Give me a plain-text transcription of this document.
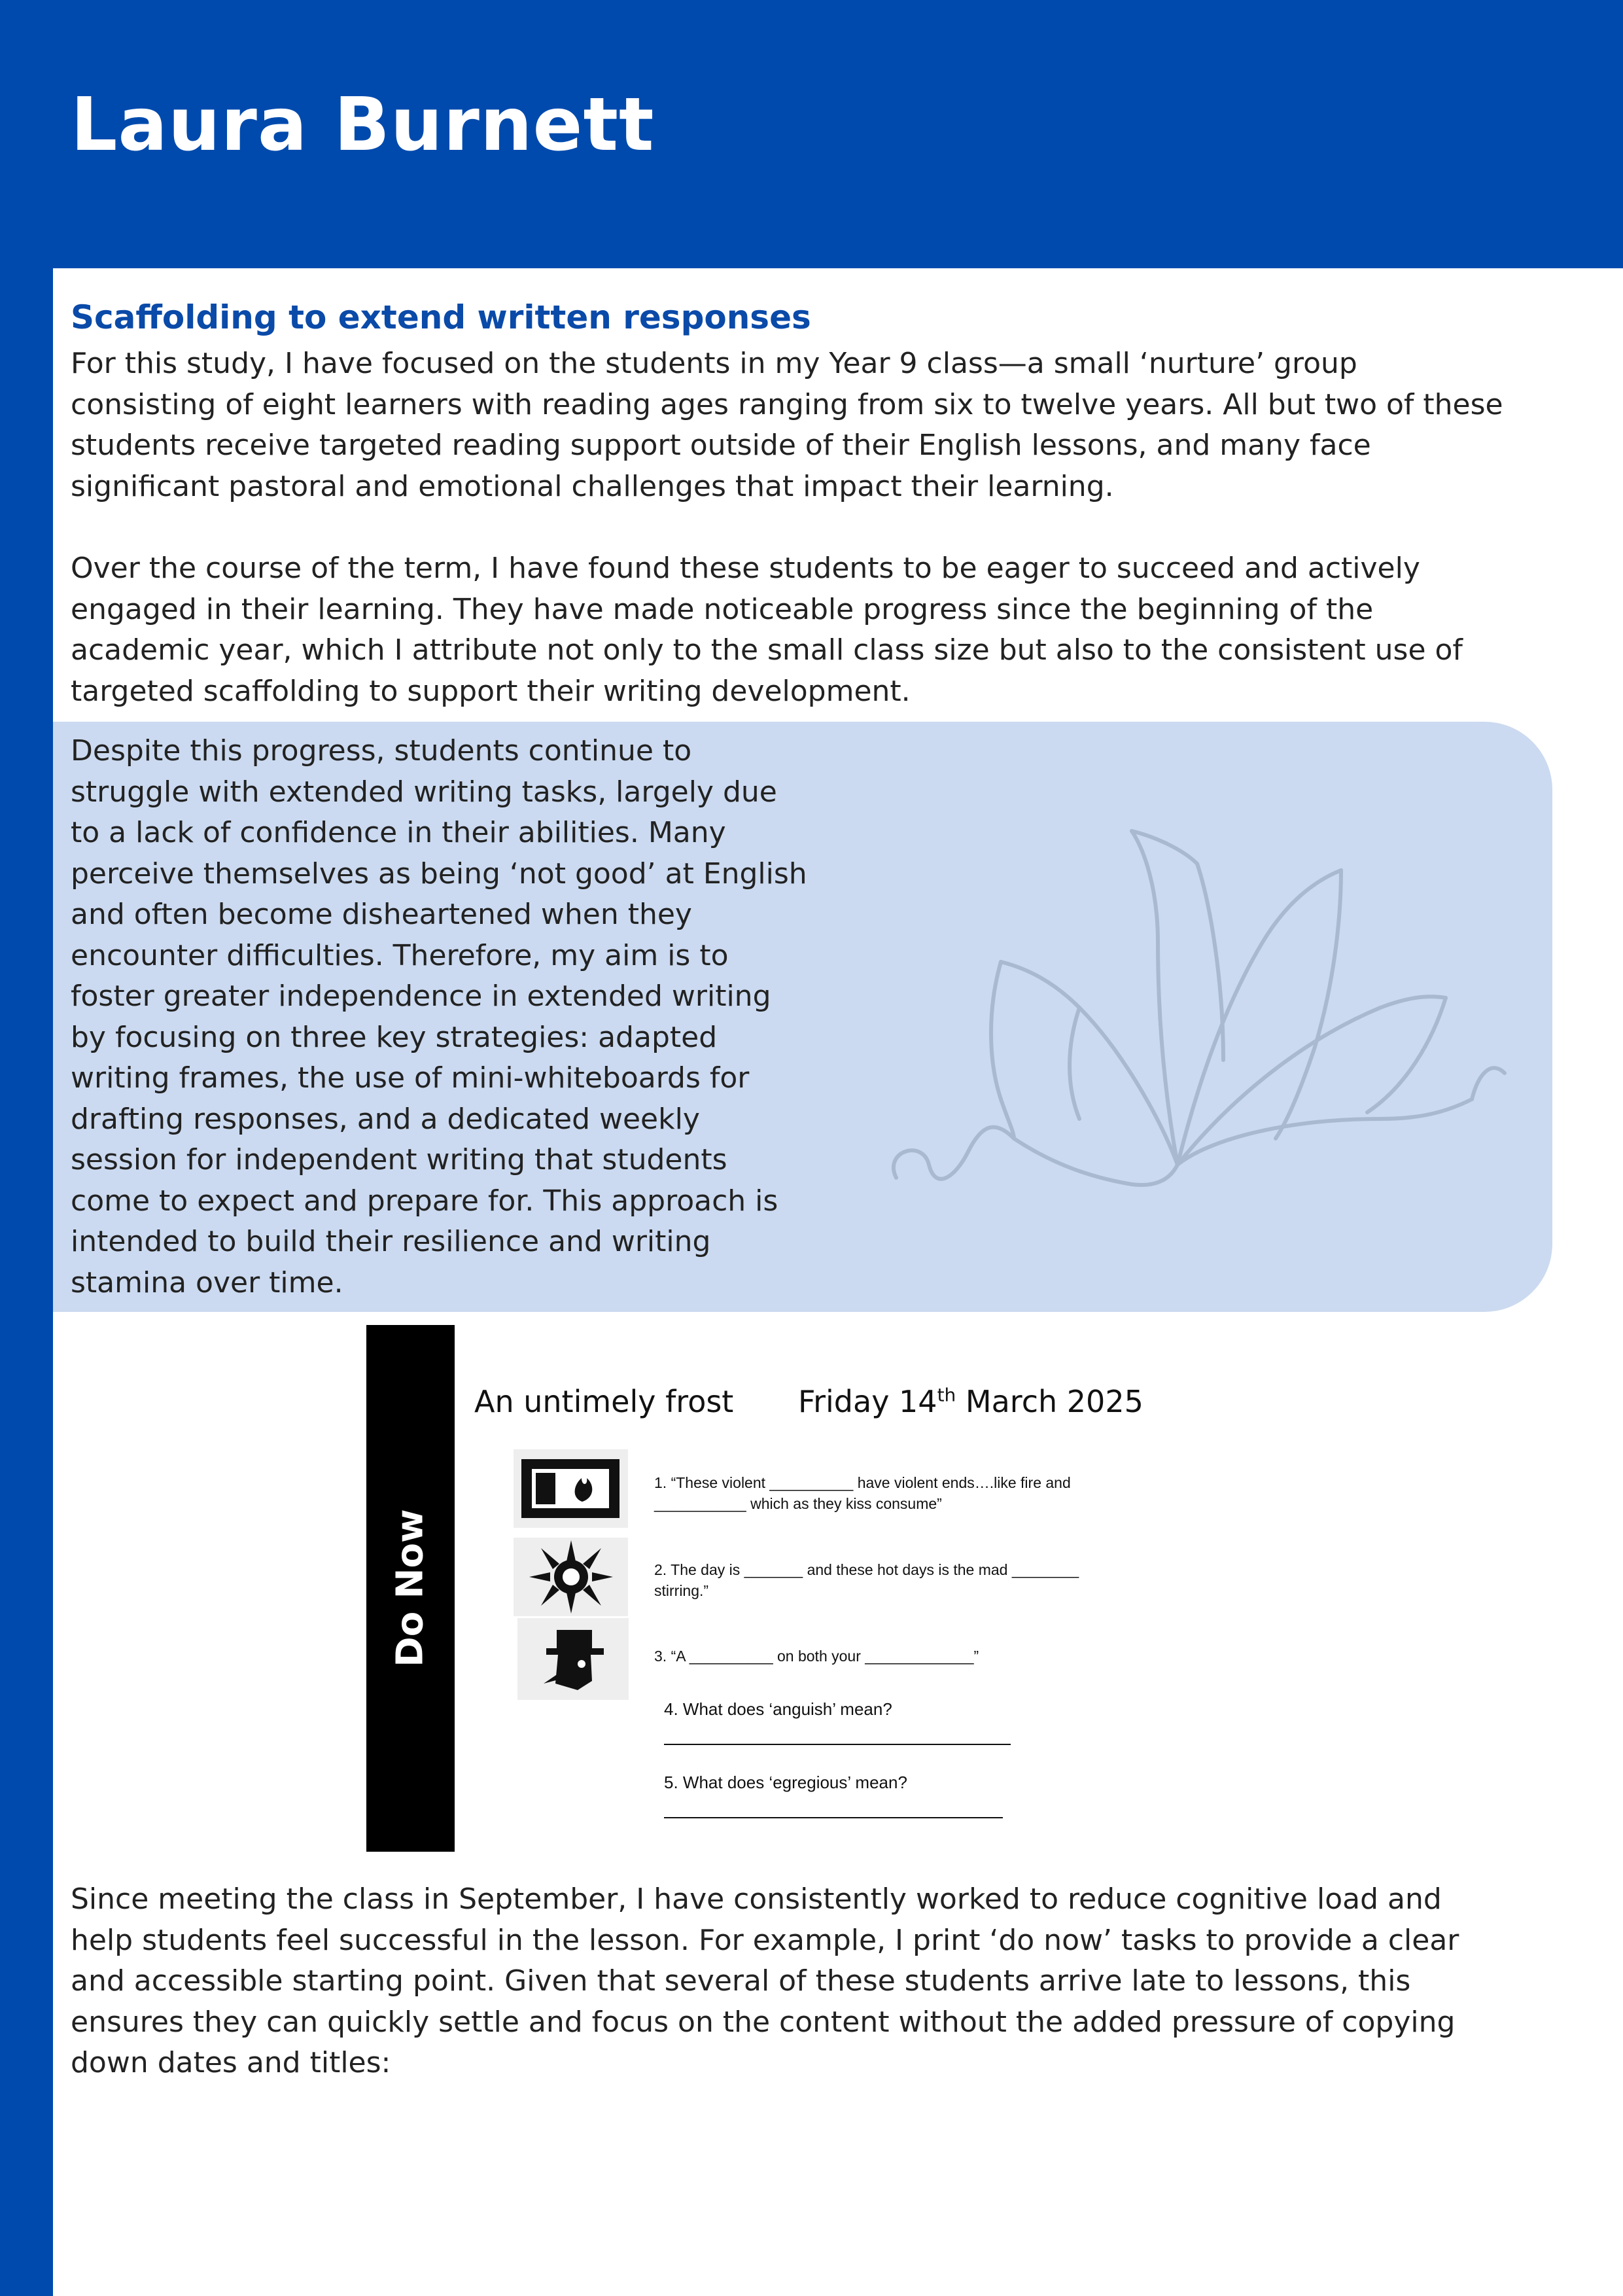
Laura Burnett
Scaffolding to extend written responses

For this study, I have focused on the students in my Year 9 class—a small ‘nurture’ group
consisting of eight learners with reading ages ranging from six to twelve years. All but two of these
students receive targeted reading support outside of their English lessons, and many face
significant pastoral and emotional challenges that impact their learning.

Over the course of the term, I have found these students to be eager to succeed and actively
engaged in their learning. They have made noticeable progress since the beginning of the
academic year, which I attribute not only to the small class size but also to the consistent use of
targeted scaffolding to support their writing development.

Despite this progress, students continue to
struggle with extended writing tasks, largely due
to a lack of confidence in their abilities. Many
perceive themselves as being ‘not good’ at English
and often become disheartened when they
encounter difficulties. Therefore, my aim is to
foster greater independence in extended writing
by focusing on three key strategies: adapted
writing frames, the use of mini-whiteboards for
drafting responses, and a dedicated weekly
session for independent writing that students
come to expect and prepare for. This approach is
intended to build their resilience and writing
stamina over time.

Do Now
An untimely frost Friday 14th March 2025
1. “These violent __________ have violent ends….like fire and
___________ which as they kiss consume”
2. The day is _______ and these hot days is the mad ________
stirring.”
3. “A __________ on both your _____________”
4. What does ‘anguish’ mean?
5. What does ‘egregious’ mean?

Since meeting the class in September, I have consistently worked to reduce cognitive load and
help students feel successful in the lesson. For example, I print ‘do now’ tasks to provide a clear
and accessible starting point. Given that several of these students arrive late to lessons, this
ensures they can quickly settle and focus on the content without the added pressure of copying
down dates and titles:
